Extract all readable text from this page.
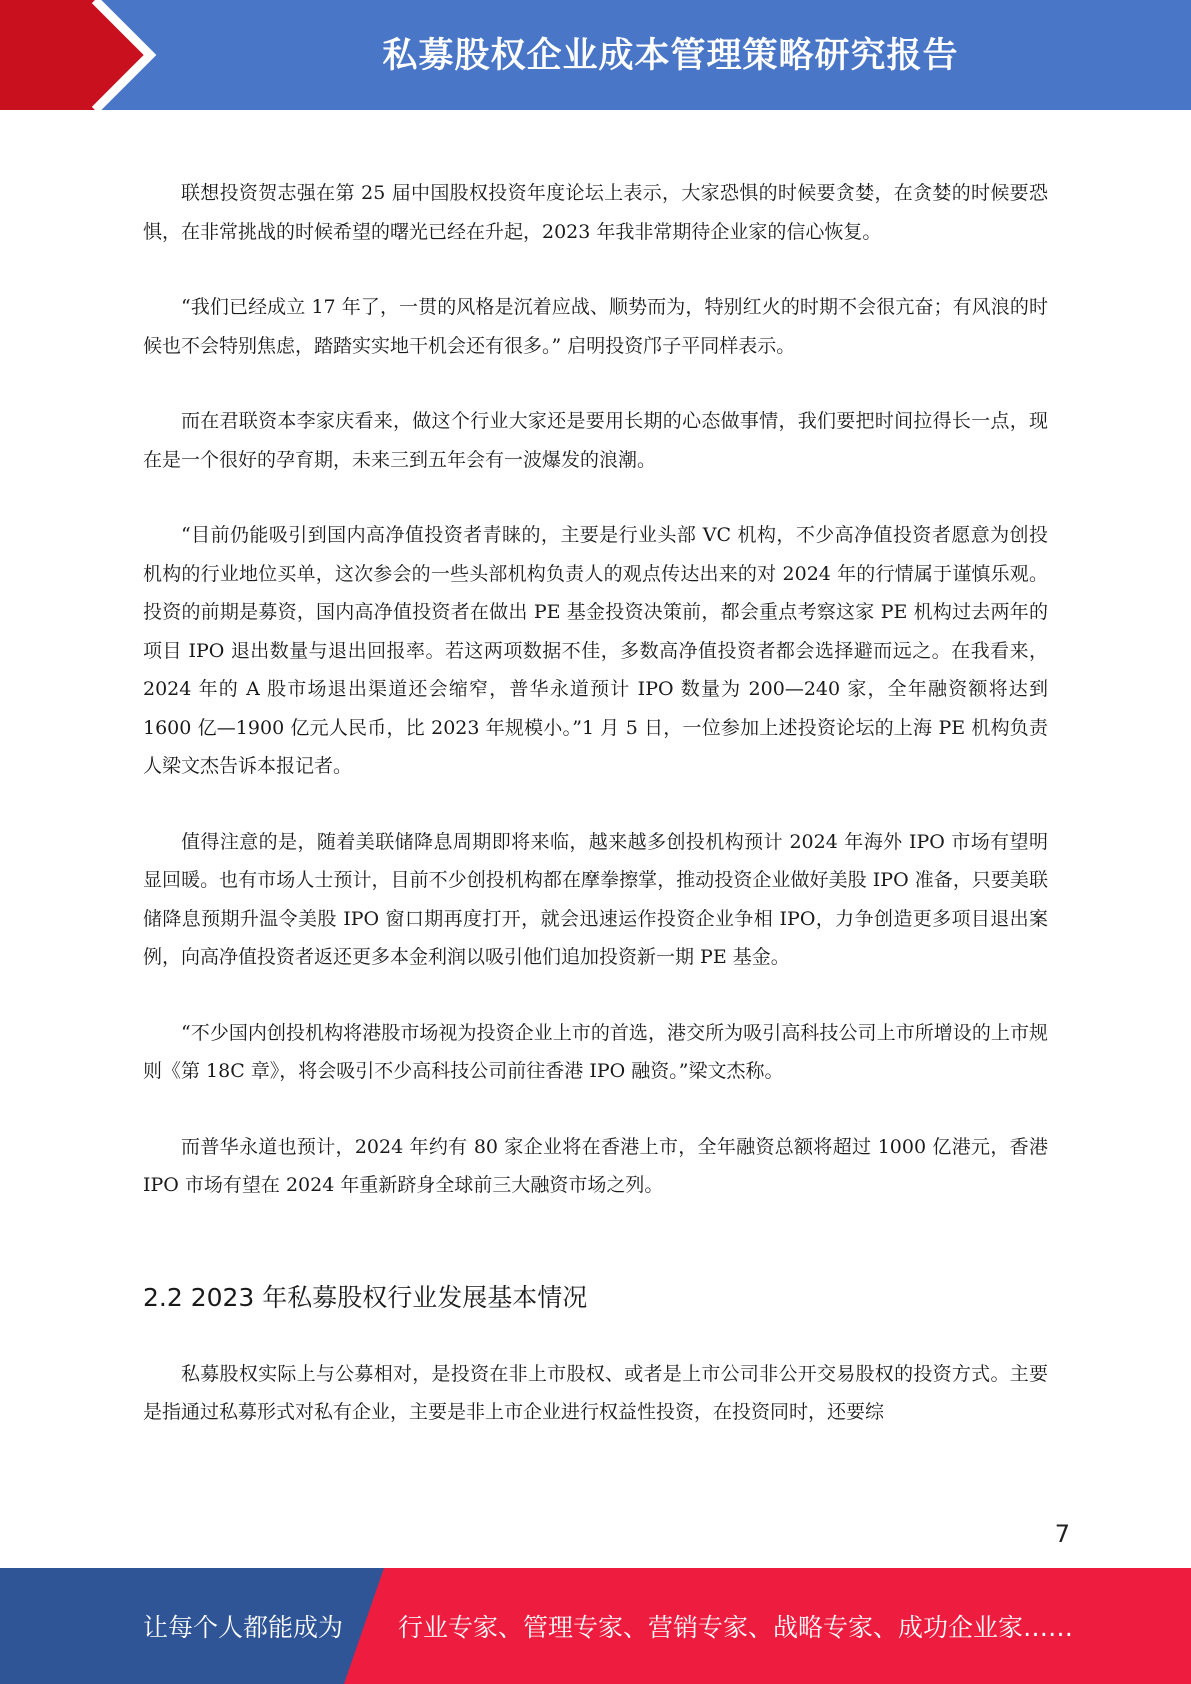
私募股权企业成本管理策略研究报告

联想投资贺志强在第 25 届中国股权投资年度论坛上表示，大家恐惧的时候要贪婪，在贪婪的时候要恐惧，在非常挑战的时候希望的曙光已经在升起，2023 年我非常期待企业家的信心恢复。

“我们已经成立 17 年了，一贯的风格是沉着应战、顺势而为，特别红火的时期不会很亢奋；有风浪的时候也不会特别焦虑，踏踏实实地干机会还有很多。” 启明投资邝子平同样表示。

而在君联资本李家庆看来，做这个行业大家还是要用长期的心态做事情，我们要把时间拉得长一点，现在是一个很好的孕育期，未来三到五年会有一波爆发的浪潮。

“目前仍能吸引到国内高净值投资者青睐的，主要是行业头部 VC 机构，不少高净值投资者愿意为创投机构的行业地位买单，这次参会的一些头部机构负责人的观点传达出来的对 2024 年的行情属于谨慎乐观。投资的前期是募资，国内高净值投资者在做出 PE 基金投资决策前，都会重点考察这家 PE 机构过去两年的项目 IPO 退出数量与退出回报率。若这两项数据不佳，多数高净值投资者都会选择避而远之。在我看来，2024 年的 A 股市场退出渠道还会缩窄，普华永道预计 IPO 数量为 200—240 家，全年融资额将达到 1600 亿—1900 亿元人民币，比 2023 年规模小。”1 月 5 日，一位参加上述投资论坛的上海 PE 机构负责人梁文杰告诉本报记者。

值得注意的是，随着美联储降息周期即将来临，越来越多创投机构预计 2024 年海外 IPO 市场有望明显回暖。也有市场人士预计，目前不少创投机构都在摩拳擦掌，推动投资企业做好美股 IPO 准备，只要美联储降息预期升温令美股 IPO 窗口期再度打开，就会迅速运作投资企业争相 IPO，力争创造更多项目退出案例，向高净值投资者返还更多本金利润以吸引他们追加投资新一期 PE 基金。

“不少国内创投机构将港股市场视为投资企业上市的首选，港交所为吸引高科技公司上市所增设的上市规则《第 18C 章》，将会吸引不少高科技公司前往香港 IPO 融资。”梁文杰称。

而普华永道也预计，2024 年约有 80 家企业将在香港上市，全年融资总额将超过 1000 亿港元，香港 IPO 市场有望在 2024 年重新跻身全球前三大融资市场之列。

2.2 2023 年私募股权行业发展基本情况

私募股权实际上与公募相对，是投资在非上市股权、或者是上市公司非公开交易股权的投资方式。主要是指通过私募形式对私有企业，主要是非上市企业进行权益性投资，在投资同时，还要综

7
让每个人都能成为 行业专家、管理专家、营销专家、战略专家、成功企业家……
